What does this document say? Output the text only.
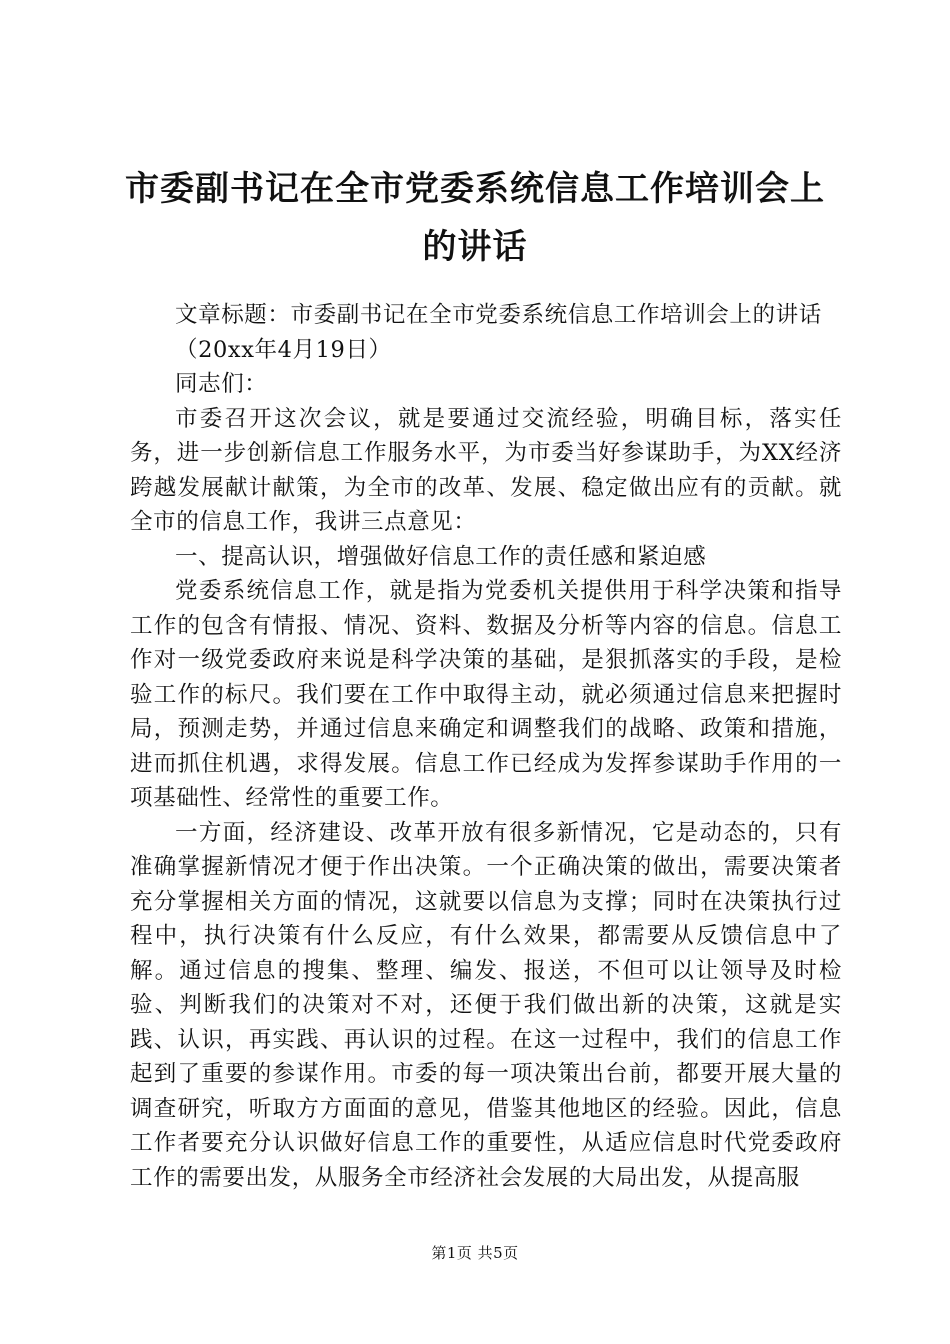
市委副书记在全市党委系统信息工作培训会上的讲话

文章标题：市委副书记在全市党委系统信息工作培训会上的讲话

（20xx年4月19日）

同志们：

市委召开这次会议，就是要通过交流经验，明确目标，落实任务，进一步创新信息工作服务水平，为市委当好参谋助手，为XX经济跨越发展献计献策，为全市的改革、发展、稳定做出应有的贡献。就全市的信息工作，我讲三点意见：

一、提高认识，增强做好信息工作的责任感和紧迫感

党委系统信息工作，就是指为党委机关提供用于科学决策和指导工作的包含有情报、情况、资料、数据及分析等内容的信息。信息工作对一级党委政府来说是科学决策的基础，是狠抓落实的手段，是检验工作的标尺。我们要在工作中取得主动，就必须通过信息来把握时局，预测走势，并通过信息来确定和调整我们的战略、政策和措施，进而抓住机遇，求得发展。信息工作已经成为发挥参谋助手作用的一项基础性、经常性的重要工作。

一方面，经济建设、改革开放有很多新情况，它是动态的，只有准确掌握新情况才便于作出决策。一个正确决策的做出，需要决策者充分掌握相关方面的情况，这就要以信息为支撑；同时在决策执行过程中，执行决策有什么反应，有什么效果，都需要从反馈信息中了解。通过信息的搜集、整理、编发、报送，不但可以让领导及时检验、判断我们的决策对不对，还便于我们做出新的决策，这就是实践、认识，再实践、再认识的过程。在这一过程中，我们的信息工作起到了重要的参谋作用。市委的每一项决策出台前，都要开展大量的调查研究，听取方方面面的意见，借鉴其他地区的经验。因此，信息工作者要充分认识做好信息工作的重要性，从适应信息时代党委政府工作的需要出发，从服务全市经济社会发展的大局出发，从提高服

第1页 共5页
